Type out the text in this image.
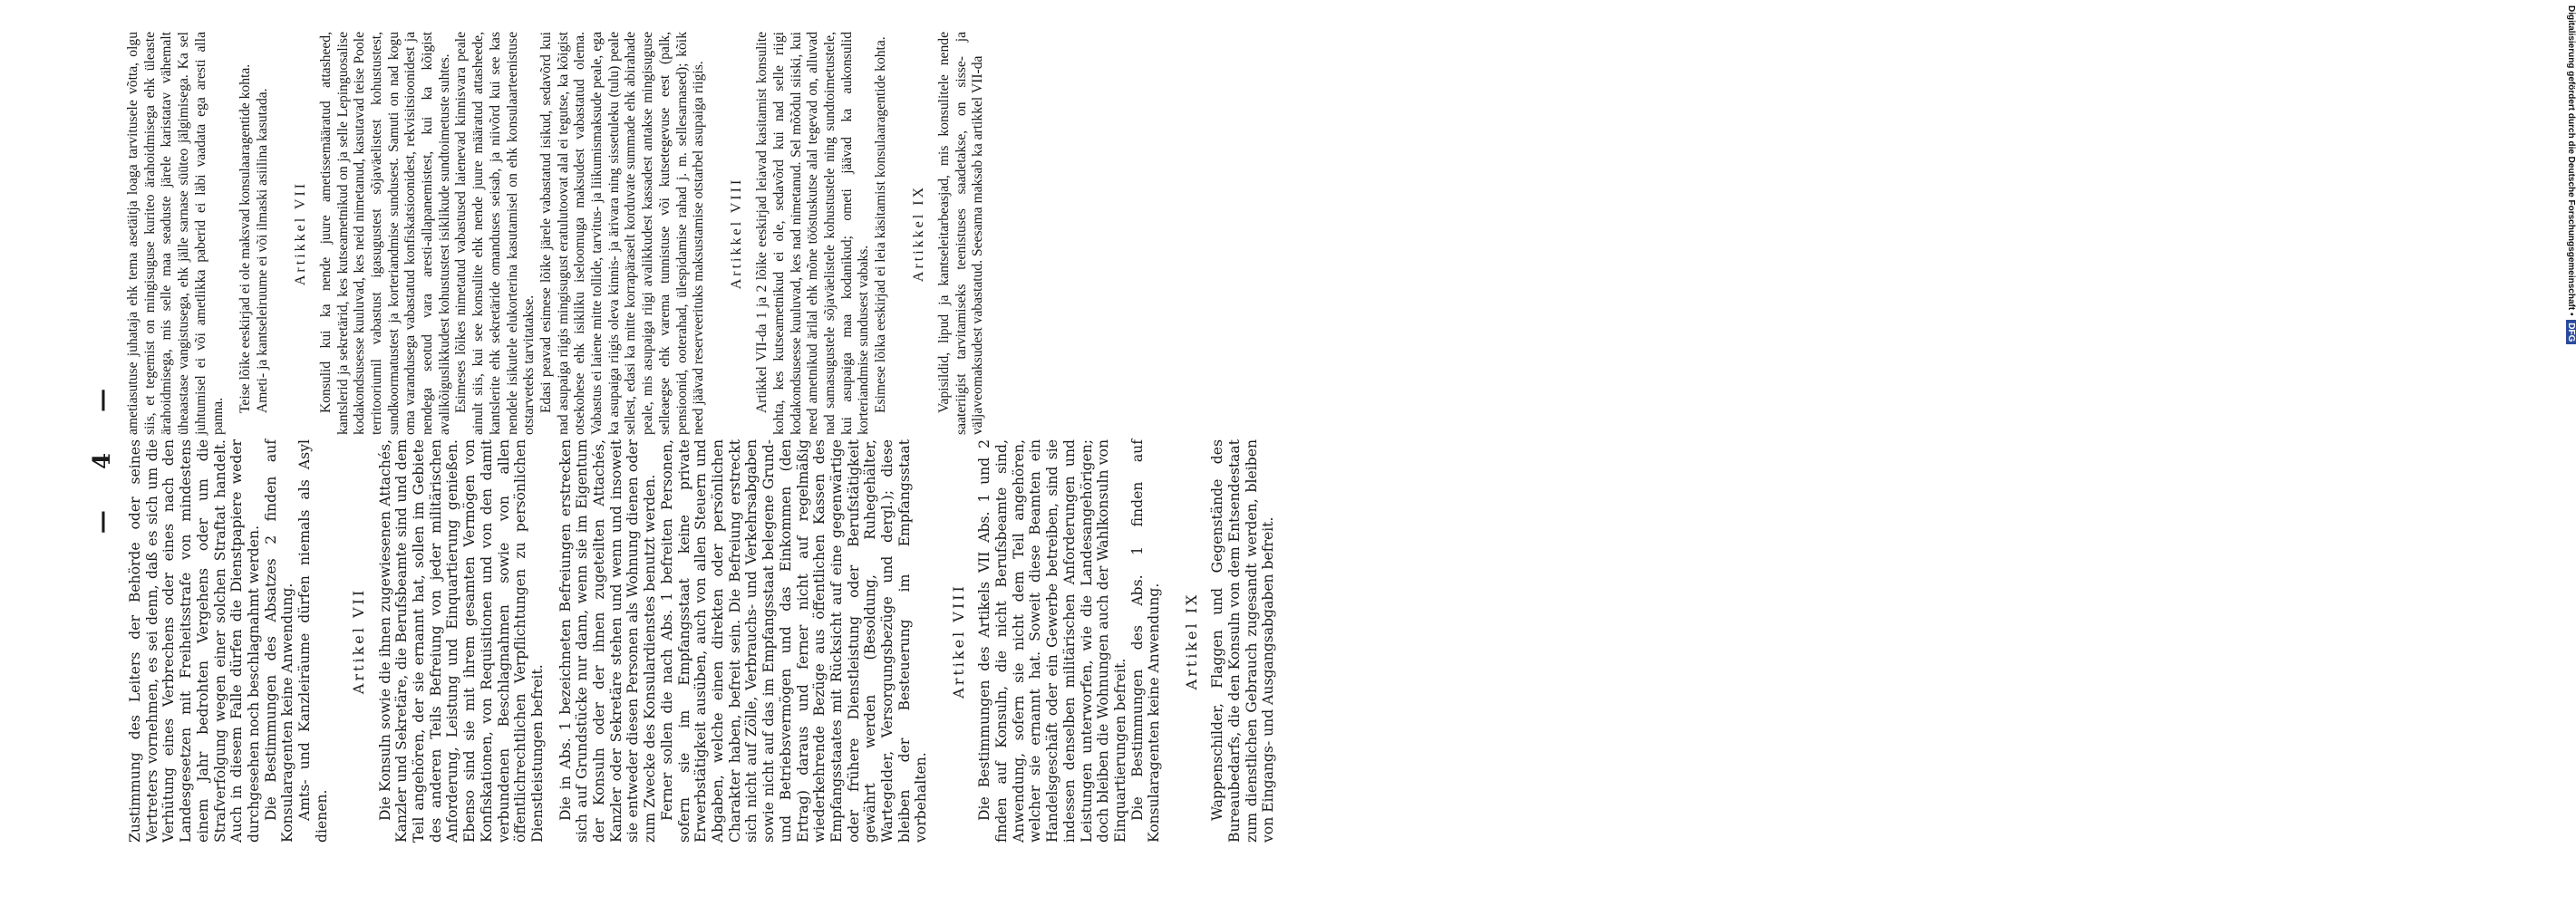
— 4 — Zustimmung des Leiters der Behörde oder seines Vertreters vornehmen, es sei denn, daß es sich um die Verhütung eines Verbrechens oder eines nach den Landesgesetzen mit Freiheitsstrafe von mindestens einem Jahr bedrohten Vergehens oder um die Strafverfolgung wegen einer solchen Straftat handelt. Auch in diesem Falle dürfen die Dienstpapiere weder durchgesehen noch beschlagnahmt werden. Die Bestimmungen des Absatzes 2 finden auf Konsularagenten keine Anwendung. Amts- und Kanzleiräume dürfen niemals als Asyl dienen.

Artikel VII Die Konsuln sowie die ihnen zugewiesenen Attachés, Kanzler und Sekretäre, die Berufsbeamte sind und dem Teil angehören, der sie ernannt hat, sollen im Gebiete des anderen Teils Befreiung von jeder militärischen Anforderung, Leistung und Einquartierung genießen. Ebenso sind sie mit ihrem gesamten Vermögen von Konfiskationen, von Requisitionen und von den damit verbundenen Beschlagnahmen sowie von allen öffentlichrechtlichen Verpflichtungen zu persönlichen Dienstleistungen befreit. Die in Abs. 1 bezeichneten Befreiungen erstrecken sich auf Grundstücke nur dann, wenn sie im Eigentum der Konsuln oder der ihnen zugeteilten Attachés, Kanzler oder Sekretäre stehen und wenn und insoweit sie entweder diesen Personen als Wohnung dienen oder zum Zwecke des Konsulardienstes benutzt werden. Ferner sollen die nach Abs. 1 befreiten Personen, sofern sie im Empfangsstaat keine private Erwerbstätigkeit ausüben, auch von allen Steuern und Abgaben, welche einen direkten oder persönlichen Charakter haben, befreit sein. Die Befreiung erstreckt sich nicht auf Zölle, Verbrauchs- und Verkehrsabgaben sowie nicht auf das im Empfangsstaat belegene Grund- und Betriebsvermögen und das Einkommen (den Ertrag) daraus und ferner nicht auf regelmäßig wiederkehrende Bezüge aus öffentlichen Kassen des Empfangsstaates mit Rücksicht auf eine gegenwärtige oder frühere Dienstleistung oder Berufstätigkeit gewährt werden (Besoldung, Ruhegehälter, Wartegelder, Versorgungsbezüge und dergl.); diese bleiben der Besteuerung im Empfangsstaat vorbehalten.

Artikel VIII Die Bestimmungen des Artikels VII Abs. 1 und 2 finden auf Konsuln, die nicht Berufsbeamte sind, Anwendung, sofern sie nicht dem Teil angehören, welcher sie ernannt hat. Soweit diese Beamten ein Handelsgeschäft oder ein Gewerbe betreiben, sind sie indessen denselben militärischen Anforderungen und Leistungen unterworfen, wie die Landesangehörigen; doch bleiben die Wohnungen auch der Wahlkonsuln von Einquartierungen befreit. Die Bestimmungen des Abs. 1 finden auf Konsularagenten keine Anwendung. Artikel IX Wappenschilder, Flaggen und Gegenstände des Bureaubedarfs, die den Konsuln von dem Entsendestaat zum dienstlichen Gebrauch zugesandt werden, bleiben von Eingangs- und Ausgangsabgaben befreit.

ametiasutuse juhataja ehk tema asetäitja loaga tarvitusele võtta, olgu siis, et tegemist on mingisuguse kuriteo ärahoidmisega ehk üleaste ärahoidmisega, mis selle maa seaduste järele karistatav vähemalt üheaastase vangistusega, ehk jälle sarnase süüteo jälgimisega. Ka sel juhtumisel ei või ametlikka paberid ei läbi vaadata ega aresti alla panna.

Teise lõike eeskirjad ei ole maksvad konsulaaragentide kohta. Ameti- ja kantseleiruume ei või ilmaski asiilina kasutada. Artikkel VII Konsulid kui ka nende juure ametissemääratud attasheed, kantslerid ja sekretärid, kes kutseametnikud on ja selle Lepinguosalise kodakondsusesse kuuluvad, kes neid nimetanud, kasutavad teise Poole territooriumil vabastust igasugustest sõjaväelistest kohustustest, sundkoormatustest ja korteriandmise sundusest. Samuti on nad kogu oma varandusega vabastatud konfiskatsioonidest, rekvisitsioonidest ja nendega seotud vara aresti-allapanemistest, kui ka kõigist avalikõiguslikkudest kohustustest isiklikude sundtoimetuste suhtes. Esimeses lõikes nimetatud vabastused laienevad kinnisvara peale ainult siis, kui see konsulite ehk nende juure määratud attasheede, kantslerite ehk sekretäride omanduses seisab, ja niivõrd kui see kas nendele isikutele elukorterina kasutamisel on ehk konsulaarteenistuse otstarveteks tarvitatakse. Edasi peavad esimese lõike järele vabastatud isikud, sedavõrd kui nad asupaiga riigis mingisugust eratulutoovat alal ei tegutse, ka kõigist otsekohese ehk isikliku iseloomuga maksudest vabastatud olema. Vabastus ei laiene mitte tollide, tarvitus- ja liikumismaksude peale, ega ka asupaiga riigis oleva kinnis- ja ärivara ning sissetuleku (tulu) peale sellest, edasi ka mitte korrapäraselt korduvate summade ehk abirahade peale, mis asupaiga riigi avalikkudest kassadest antakse mingisuguse selleaegse ehk varema tunnistuse või kutsetegevuse eest (palk, pensioonid, ooterahad, ülespidamise rahad j. m. sellesarnased); kõik need jäävad reserveerituks maksustamise otstarbel asupaiga riigis. Artikkel VIII Artikkel VII-da 1 ja 2 lõike eeskirjad leiavad kasitamist konsulite kohta, kes kutseametnikud ei ole, sedavõrd kui nad selle riigi kodakondsusesse kuuluvad, kes nad nimetanud. Sel mõõdul siiski, kui need ametnikud ärilal ehk mõne tööstuskutse alal tegevad on, alluvad nad samasugustele sõjaväelistele kohustustele ning sundtoimetustele, kui asupaiga maa kodanikud; ometi jäävad ka aukonsulid korteriandmise sundusest vabaks. Esimese lõika eeskirjad ei leia käsitamist konsulaaragentide kohta. Artikkel IX Vapisildid, lipud ja kantseleitarbeasjad, mis konsulitele nende saateriigist tarvitamiseks teenistuses saadetakse, on sisse- ja väljaveomaksudest vabastatud. Seesama maksab ka artikkel VII-da	Digitalisierung gefördert durch die Deutsche Forschungsgemeinschaft • DFG
